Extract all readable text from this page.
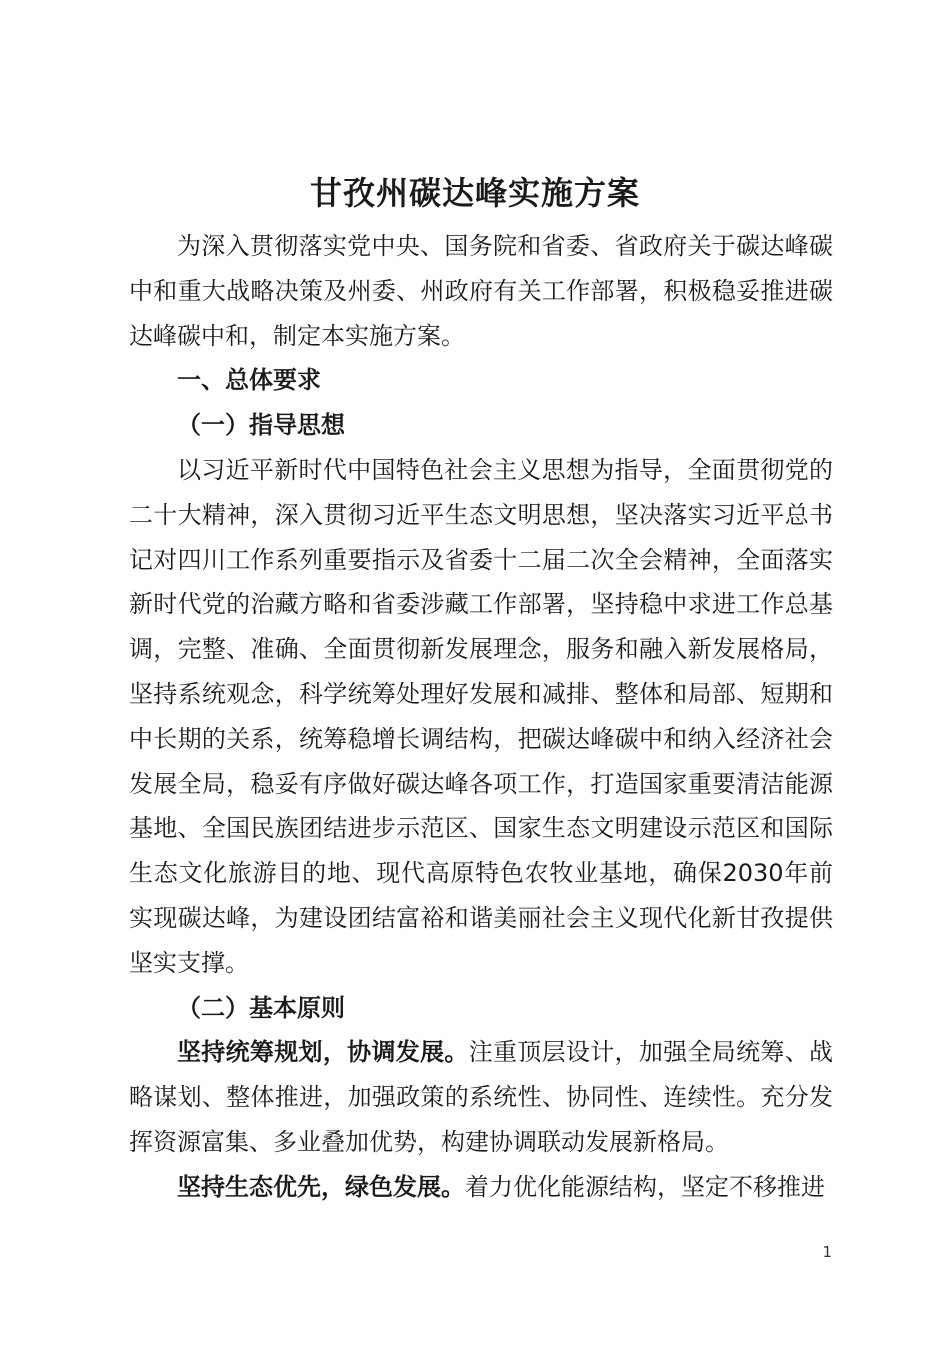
甘孜州碳达峰实施方案

为深入贯彻落实党中央、国务院和省委、省政府关于碳达峰碳中和重大战略决策及州委、州政府有关工作部署，积极稳妥推进碳达峰碳中和，制定本实施方案。

一、总体要求

（一）指导思想

以习近平新时代中国特色社会主义思想为指导，全面贯彻党的二十大精神，深入贯彻习近平生态文明思想，坚决落实习近平总书记对四川工作系列重要指示及省委十二届二次全会精神，全面落实新时代党的治藏方略和省委涉藏工作部署，坚持稳中求进工作总基调，完整、准确、全面贯彻新发展理念，服务和融入新发展格局，坚持系统观念，科学统筹处理好发展和减排、整体和局部、短期和中长期的关系，统筹稳增长调结构，把碳达峰碳中和纳入经济社会发展全局，稳妥有序做好碳达峰各项工作，打造国家重要清洁能源基地、全国民族团结进步示范区、国家生态文明建设示范区和国际生态文化旅游目的地、现代高原特色农牧业基地，确保2030年前实现碳达峰，为建设团结富裕和谐美丽社会主义现代化新甘孜提供坚实支撑。

（二）基本原则

坚持统筹规划，协调发展。注重顶层设计，加强全局统筹、战略谋划、整体推进，加强政策的系统性、协同性、连续性。充分发挥资源富集、多业叠加优势，构建协调联动发展新格局。

坚持生态优先，绿色发展。着力优化能源结构，坚定不移推进

1
